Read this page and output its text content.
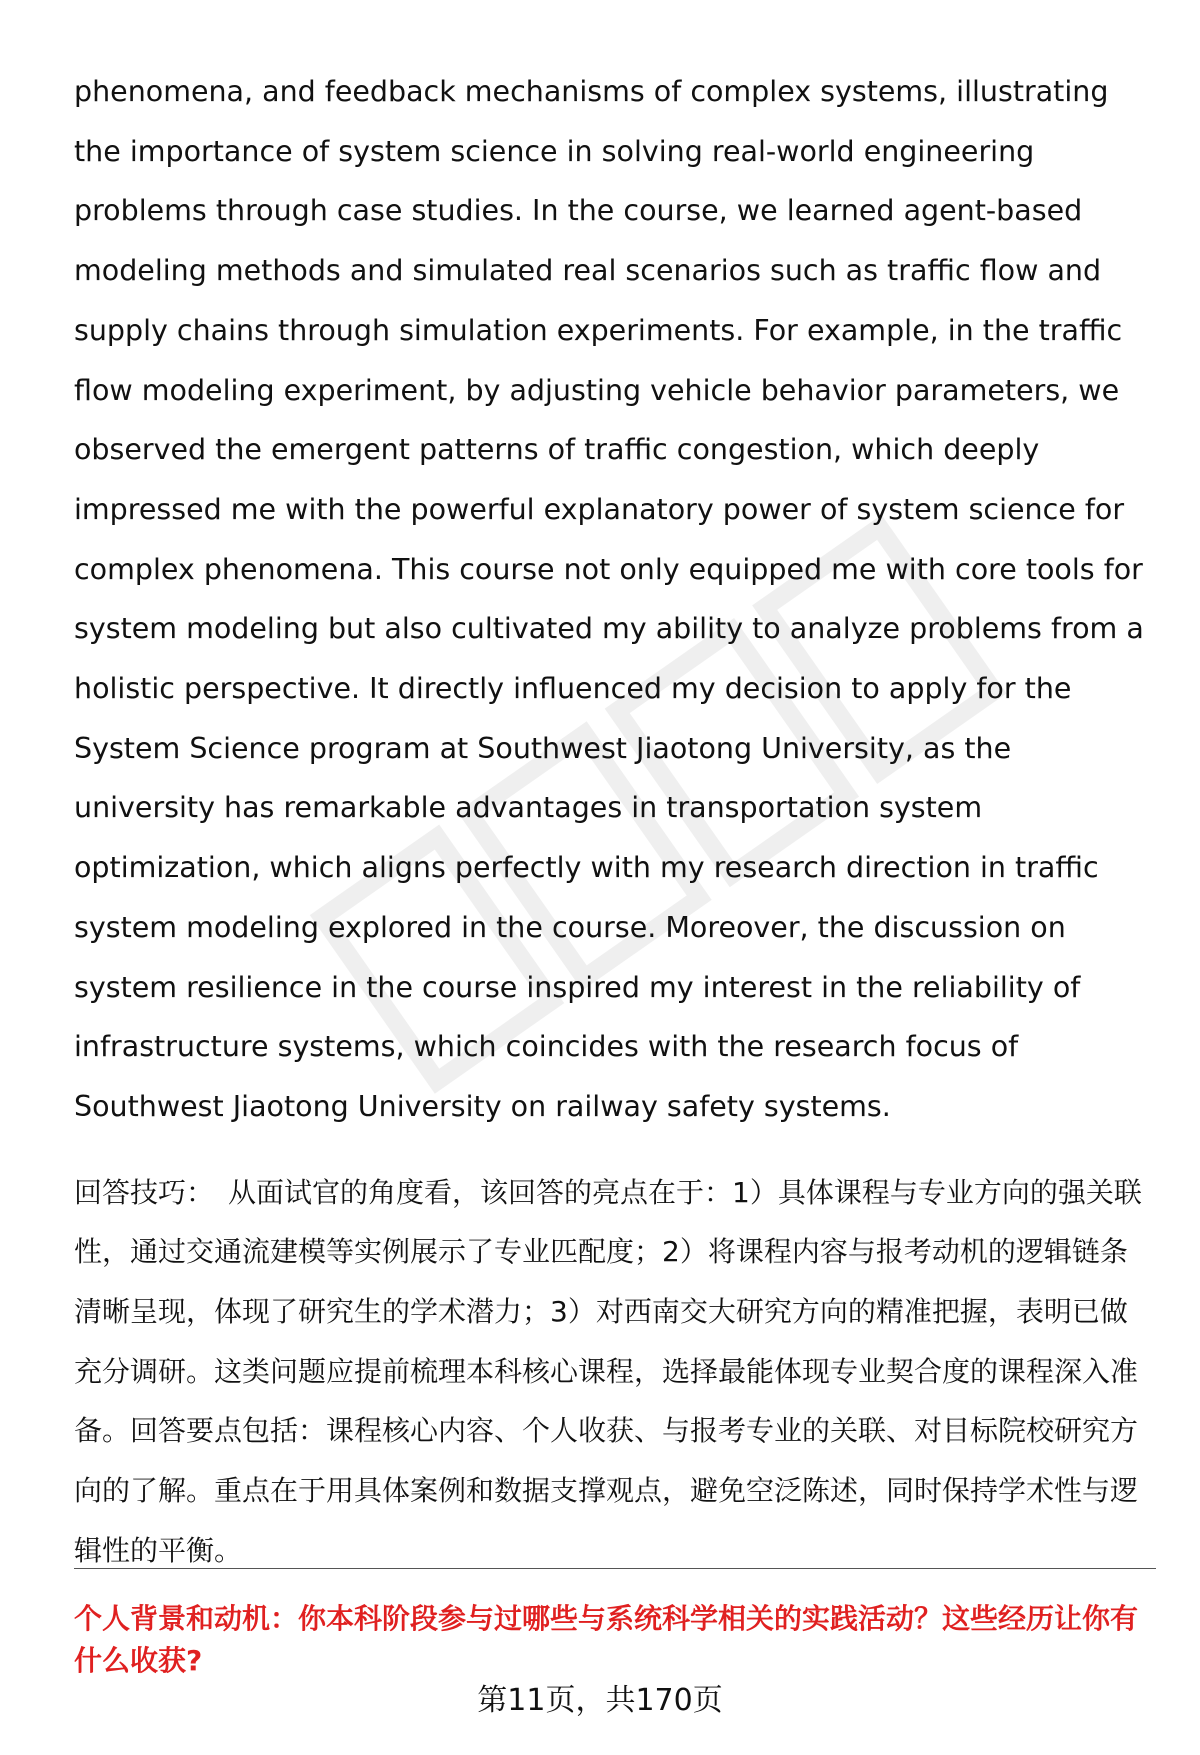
phenomena, and feedback mechanisms of complex systems, illustrating the importance of system science in solving real-world engineering problems through case studies. In the course, we learned agent-based modeling methods and simulated real scenarios such as traffic flow and supply chains through simulation experiments. For example, in the traffic flow modeling experiment, by adjusting vehicle behavior parameters, we observed the emergent patterns of traffic congestion, which deeply impressed me with the powerful explanatory power of system science for complex phenomena. This course not only equipped me with core tools for system modeling but also cultivated my ability to analyze problems from a holistic perspective. It directly influenced my decision to apply for the System Science program at Southwest Jiaotong University, as the university has remarkable advantages in transportation system optimization, which aligns perfectly with my research direction in traffic system modeling explored in the course. Moreover, the discussion on system resilience in the course inspired my interest in the reliability of infrastructure systems, which coincides with the research focus of Southwest Jiaotong University on railway safety systems.

回答技巧： 从面试官的角度看，该回答的亮点在于：1）具体课程与专业方向的强关联性，通过交通流建模等实例展示了专业匹配度；2）将课程内容与报考动机的逻辑链条清晰呈现，体现了研究生的学术潜力；3）对西南交大研究方向的精准把握，表明已做充分调研。这类问题应提前梳理本科核心课程，选择最能体现专业契合度的课程深入准备。回答要点包括：课程核心内容、个人收获、与报考专业的关联、对目标院校研究方向的了解。重点在于用具体案例和数据支撑观点，避免空泛陈述，同时保持学术性与逻辑性的平衡。

个人背景和动机：你本科阶段参与过哪些与系统科学相关的实践活动？这些经历让你有什么收获?

第11页，共170页
